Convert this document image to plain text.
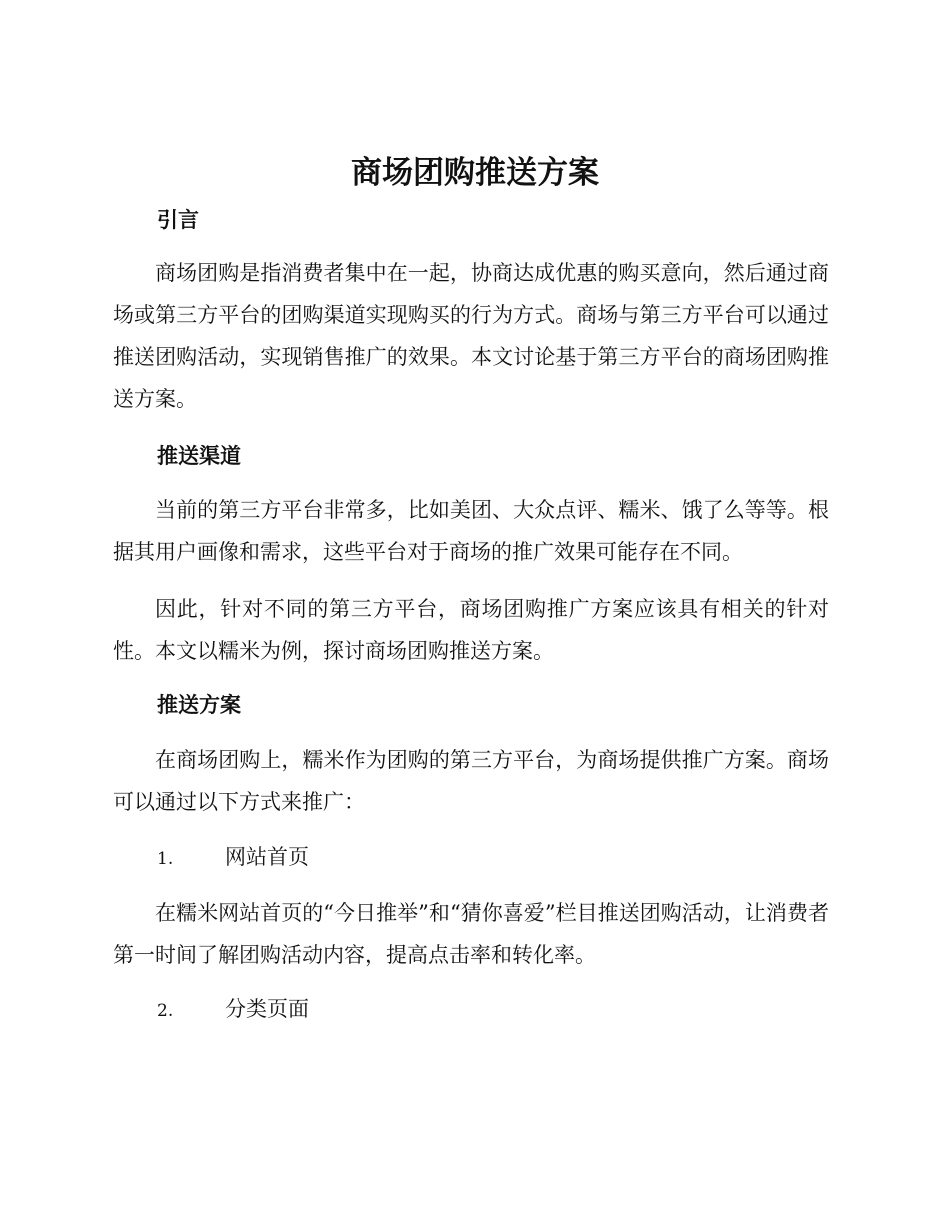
商场团购推送方案
引言

商场团购是指消费者集中在一起，协商达成优惠的购买意向，然后通过商场或第三方平台的团购渠道实现购买的行为方式。商场与第三方平台可以通过推送团购活动，实现销售推广的效果。本文讨论基于第三方平台的商场团购推送方案。

推送渠道

当前的第三方平台非常多，比如美团、大众点评、糯米、饿了么等等。根据其用户画像和需求，这些平台对于商场的推广效果可能存在不同。

因此，针对不同的第三方平台，商场团购推广方案应该具有相关的针对性。本文以糯米为例，探讨商场团购推送方案。

推送方案

在商场团购上，糯米作为团购的第三方平台，为商场提供推广方案。商场可以通过以下方式来推广：

1. 网站首页

在糯米网站首页的“今日推举”和“猜你喜爱”栏目推送团购活动，让消费者第一时间了解团购活动内容，提高点击率和转化率。

2. 分类页面
